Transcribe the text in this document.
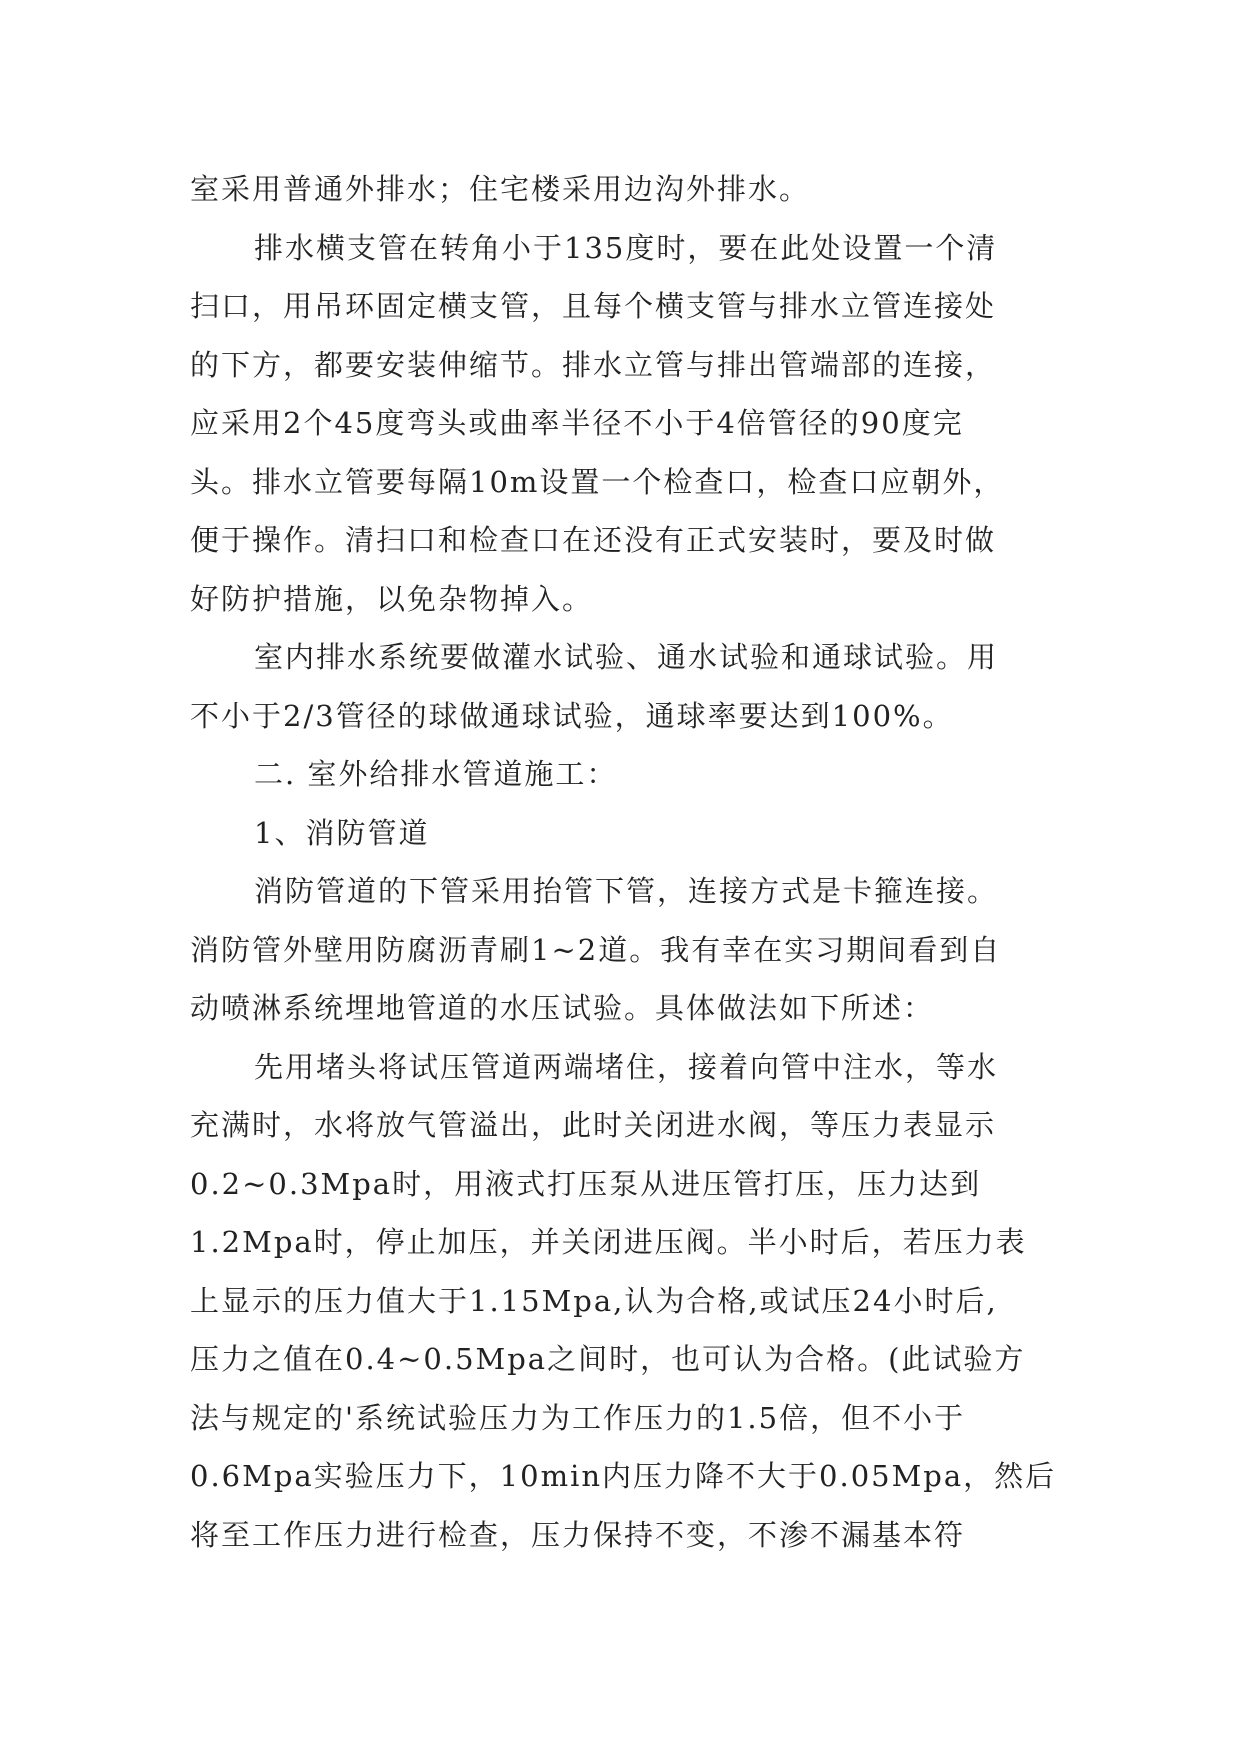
室采用普通外排水；住宅楼采用边沟外排水。
排水横支管在转角小于135度时，要在此处设置一个清
扫口，用吊环固定横支管，且每个横支管与排水立管连接处
的下方，都要安装伸缩节。排水立管与排出管端部的连接，
应采用2个45度弯头或曲率半径不小于4倍管径的90度完
头。排水立管要每隔10m设置一个检查口，检查口应朝外，
便于操作。清扫口和检查口在还没有正式安装时，要及时做
好防护措施，以免杂物掉入。
室内排水系统要做灌水试验、通水试验和通球试验。用
不小于2/3管径的球做通球试验，通球率要达到100%。
二. 室外给排水管道施工：
1、消防管道
消防管道的下管采用抬管下管，连接方式是卡箍连接。
消防管外壁用防腐沥青刷1~2道。我有幸在实习期间看到自
动喷淋系统埋地管道的水压试验。具体做法如下所述：
先用堵头将试压管道两端堵住，接着向管中注水，等水
充满时，水将放气管溢出，此时关闭进水阀，等压力表显示
0.2~0.3Mpa时，用液式打压泵从进压管打压，压力达到
1.2Mpa时，停止加压，并关闭进压阀。半小时后，若压力表
上显示的压力值大于1.15Mpa,认为合格,或试压24小时后,
压力之值在0.4~0.5Mpa之间时，也可认为合格。(此试验方
法与规定的'系统试验压力为工作压力的1.5倍，但不小于
0.6Mpa实验压力下，10min内压力降不大于0.05Mpa，然后
将至工作压力进行检查，压力保持不变，不渗不漏基本符
